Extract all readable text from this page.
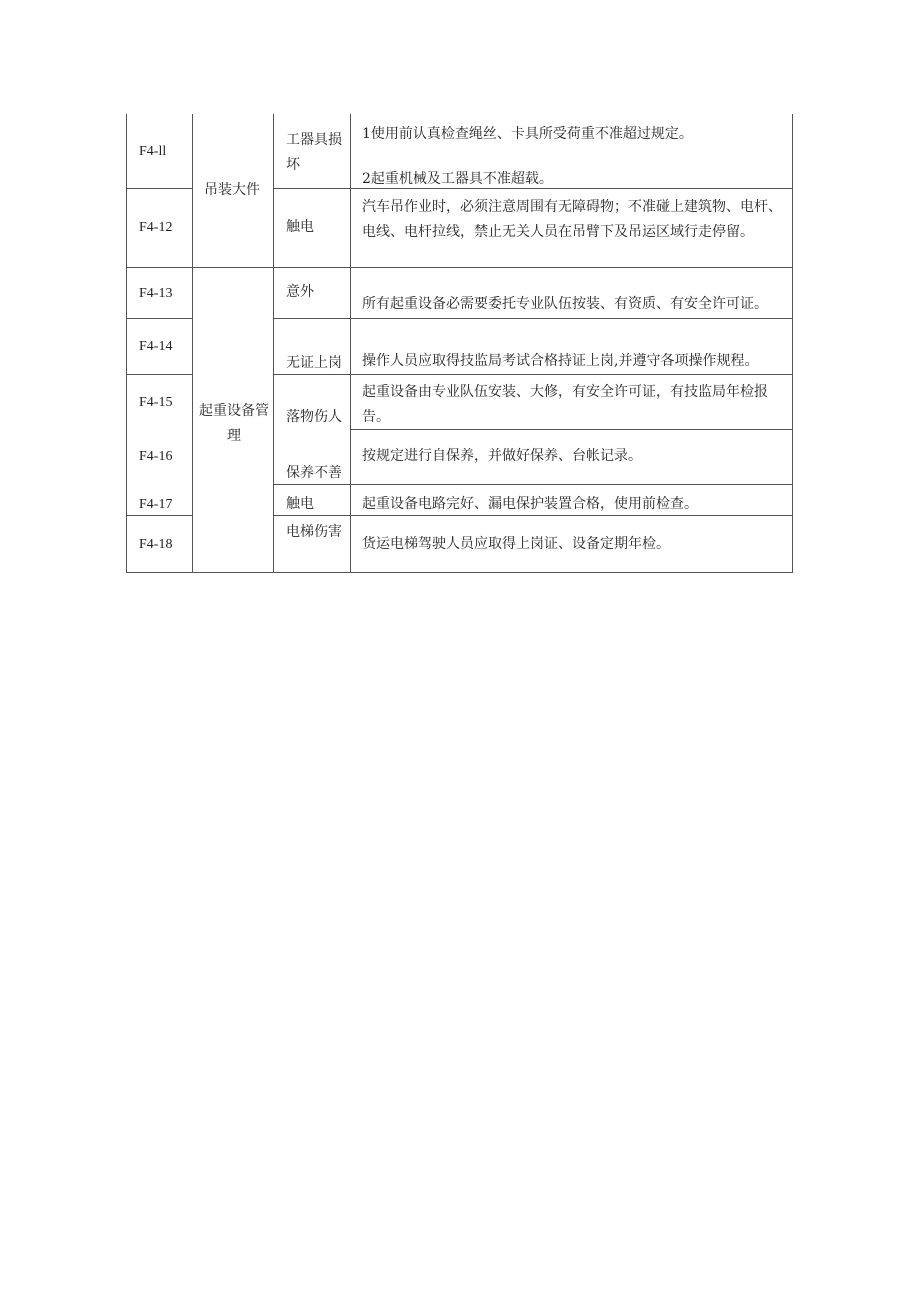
F4-ll
F4-12
F4-13
F4-14
F4-15
F4-16
F4-17
F4-18
吊装大件
起重设备管理
工器具损坏
触电
意外
无证上岗
落物伤人
保养不善
触电
电梯伤害
1使用前认真检查绳丝、卡具所受荷重不准超过规定。
2起重机械及工器具不准超载。
汽车吊作业时，必须注意周围有无障碍物；不准碰上建筑物、电杆、电线、电杆拉线，禁止无关人员在吊臂下及吊运区域行走停留。
所有起重设备必需要委托专业队伍按装、有资质、有安全许可证。
操作人员应取得技监局考试合格持证上岗,并遵守各项操作规程。
起重设备由专业队伍安装、大修，有安全许可证，有技监局年检报告。
按规定进行自保养，并做好保养、台帐记录。
起重设备电路完好、漏电保护装置合格，使用前检查。
货运电梯驾驶人员应取得上岗证、设备定期年检。
